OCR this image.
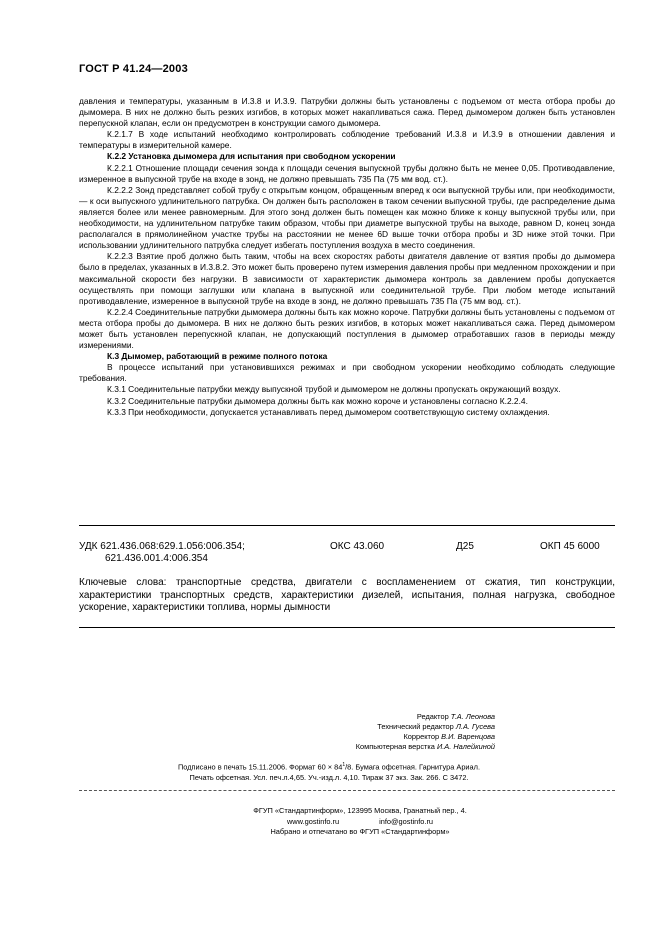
ГОСТ Р 41.24—2003

давления и температуры, указанным в И.3.8 и И.3.9. Патрубки должны быть установлены с подъемом от места отбора пробы до дымомера. В них не должно быть резких изгибов, в которых может накапливаться сажа. Перед дымомером должен быть установлен перепускной клапан, если он предусмотрен в конструкции самого дымомера.

К.2.1.7 В ходе испытаний необходимо контролировать соблюдение требований И.3.8 и И.3.9 в отношении давления и температуры в измерительной камере.

К.2.2 Установка дымомера для испытания при свободном ускорении

К.2.2.1 Отношение площади сечения зонда к площади сечения выпускной трубы должно быть не менее 0,05. Противодавление, измеренное в выпускной трубе на входе в зонд, не должно превышать 735 Па (75 мм вод. ст.).

К.2.2.2 Зонд представляет собой трубу с открытым концом, обращенным вперед к оси выпускной трубы или, при необходимости, — к оси выпускного удлинительного патрубка. Он должен быть расположен в таком сечении выпускной трубы, где распределение дыма является более или менее равномерным. Для этого зонд должен быть помещен как можно ближе к концу выпускной трубы или, при необходимости, на удлинительном патрубке таким образом, чтобы при диаметре выпускной трубы на выходе, равном D, конец зонда располагался в прямолинейном участке трубы на расстоянии не менее 6D выше точки отбора пробы и 3D ниже этой точки. При использовании удлинительного патрубка следует избегать поступления воздуха в место соединения.

К.2.2.3 Взятие проб должно быть таким, чтобы на всех скоростях работы двигателя давление от взятия пробы до дымомера было в пределах, указанных в И.3.8.2. Это может быть проверено путем измерения давления пробы при медленном прохождении и при максимальной скорости без нагрузки. В зависимости от характеристик дымомера контроль за давлением пробы допускается осуществлять при помощи заглушки или клапана в выпускной или соединительной трубе. При любом методе испытаний противодавление, измеренное в выпускной трубе на входе в зонд, не должно превышать 735 Па (75 мм вод. ст.).

К.2.2.4 Соединительные патрубки дымомера должны быть как можно короче. Патрубки должны быть установлены с подъемом от места отбора пробы до дымомера. В них не должно быть резких изгибов, в которых может накапливаться сажа. Перед дымомером может быть установлен перепускной клапан, не допускающий поступления в дымомер отработавших газов в периоды между измерениями.

К.3 Дымомер, работающий в режиме полного потока

В процессе испытаний при установившихся режимах и при свободном ускорении необходимо соблюдать следующие требования.

К.3.1 Соединительные патрубки между выпускной трубой и дымомером не должны пропускать окружающий воздух.

К.3.2 Соединительные патрубки дымомера должны быть как можно короче и установлены согласно К.2.2.4.

К.3.3 При необходимости, допускается устанавливать перед дымомером соответствующую систему охлаждения.

УДК 621.436.068:629.1.056:006.354;
621.436.001.4:006.354
ОКС 43.060	Д25	ОКП 45 6000
Ключевые слова: транспортные средства, двигатели с воспламенением от сжатия, тип конструкции, характеристики транспортных средств, характеристики дизелей, испытания, полная нагрузка, свободное ускорение, характеристики топлива, нормы дымности
Редактор Т.А. Леонова
Технический редактор Л.А. Гусева
Корректор В.И. Варенцова
Компьютерная верстка И.А. Налейкиной
Подписано в печать 15.11.2006. Формат $60 \times 84^1/8$. Бумага офсетная. Гарнитура Ариал.
Печать офсетная. Усл. печ.л.4,65. Уч.-изд.л. 4,10. Тираж 37 экз. Зак. 266. С 3472.
ФГУП «Стандартинформ», 123995 Москва, Гранатный пер., 4.
www.gostinfo.ru	info@gostinfo.ru
Набрано и отпечатано во ФГУП «Стандартинформ»
